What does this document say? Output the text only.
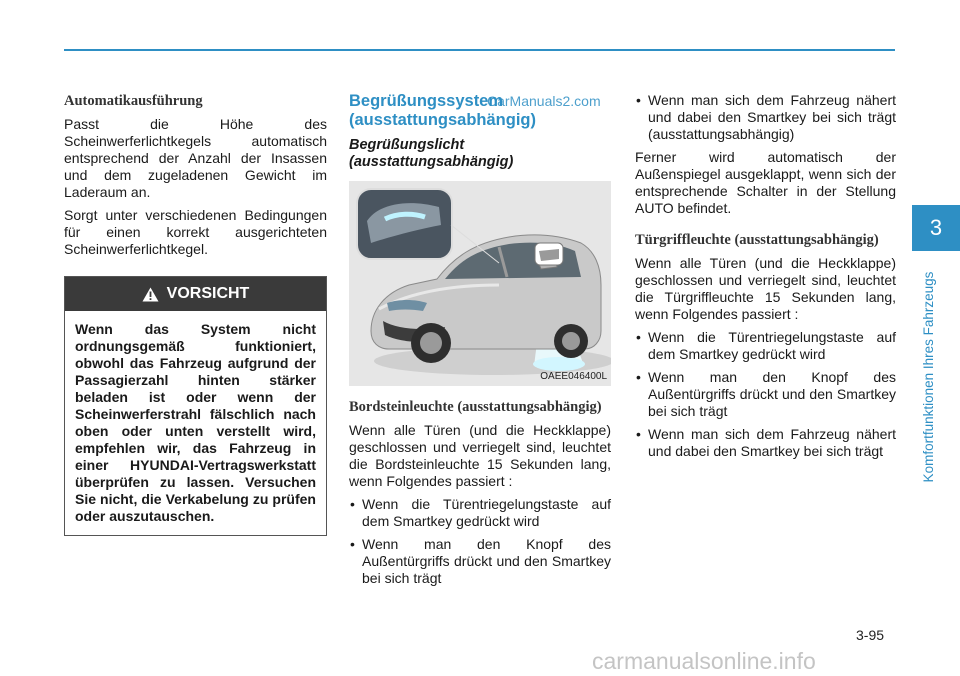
CarManuals2.com
Automatikausführung

Passt die Höhe des Scheinwerferlichtkegels automatisch entsprechend der Anzahl der Insassen und dem zugeladenen Gewicht im Laderaum an.

Sorgt unter verschiedenen Bedingungen für einen korrekt ausgerichteten Scheinwerferlichtkegel.

VORSICHT
Wenn das System nicht ordnungsgemäß funktioniert, obwohl das Fahrzeug aufgrund der Passagierzahl hinten stärker beladen ist oder wenn der Scheinwerferstrahl fälschlich nach oben oder unten verstellt wird, empfehlen wir, das Fahrzeug in einer HYUNDAI-Vertragswerkstatt überprüfen zu lassen. Versuchen Sie nicht, die Verkabelung zu prüfen oder auszutauschen.
Begrüßungssystem (ausstattungsabhängig)
Begrüßungslicht (ausstattungsabhängig)
OAEE046400L
Bordsteinleuchte (ausstattungsabhängig)

Wenn alle Türen (und die Heckklappe) geschlossen und verriegelt sind, leuchtet die Bordsteinleuchte 15 Sekunden lang, wenn Folgendes passiert :

• Wenn die Türentriegelungstaste auf dem Smartkey gedrückt wird
• Wenn man den Knopf des Außentürgriffs drückt und den Smartkey bei sich trägt
• Wenn man sich dem Fahrzeug nähert und dabei den Smartkey bei sich trägt (ausstattungsabhängig)

Ferner wird automatisch der Außenspiegel ausgeklappt, wenn sich der entsprechende Schalter in der Stellung AUTO befindet.

Türgriffleuchte (ausstattungsabhängig)

Wenn alle Türen (und die Heckklappe) geschlossen und verriegelt sind, leuchtet die Türgriffleuchte 15 Sekunden lang, wenn Folgendes passiert :

• Wenn die Türentriegelungstaste auf dem Smartkey gedrückt wird
• Wenn man den Knopf des Außentürgriffs drückt und den Smartkey bei sich trägt
• Wenn man sich dem Fahrzeug nähert und dabei den Smartkey bei sich trägt
3
Komfortfunktionen Ihres Fahrzeugs
3-95
carmanualsonline.info
